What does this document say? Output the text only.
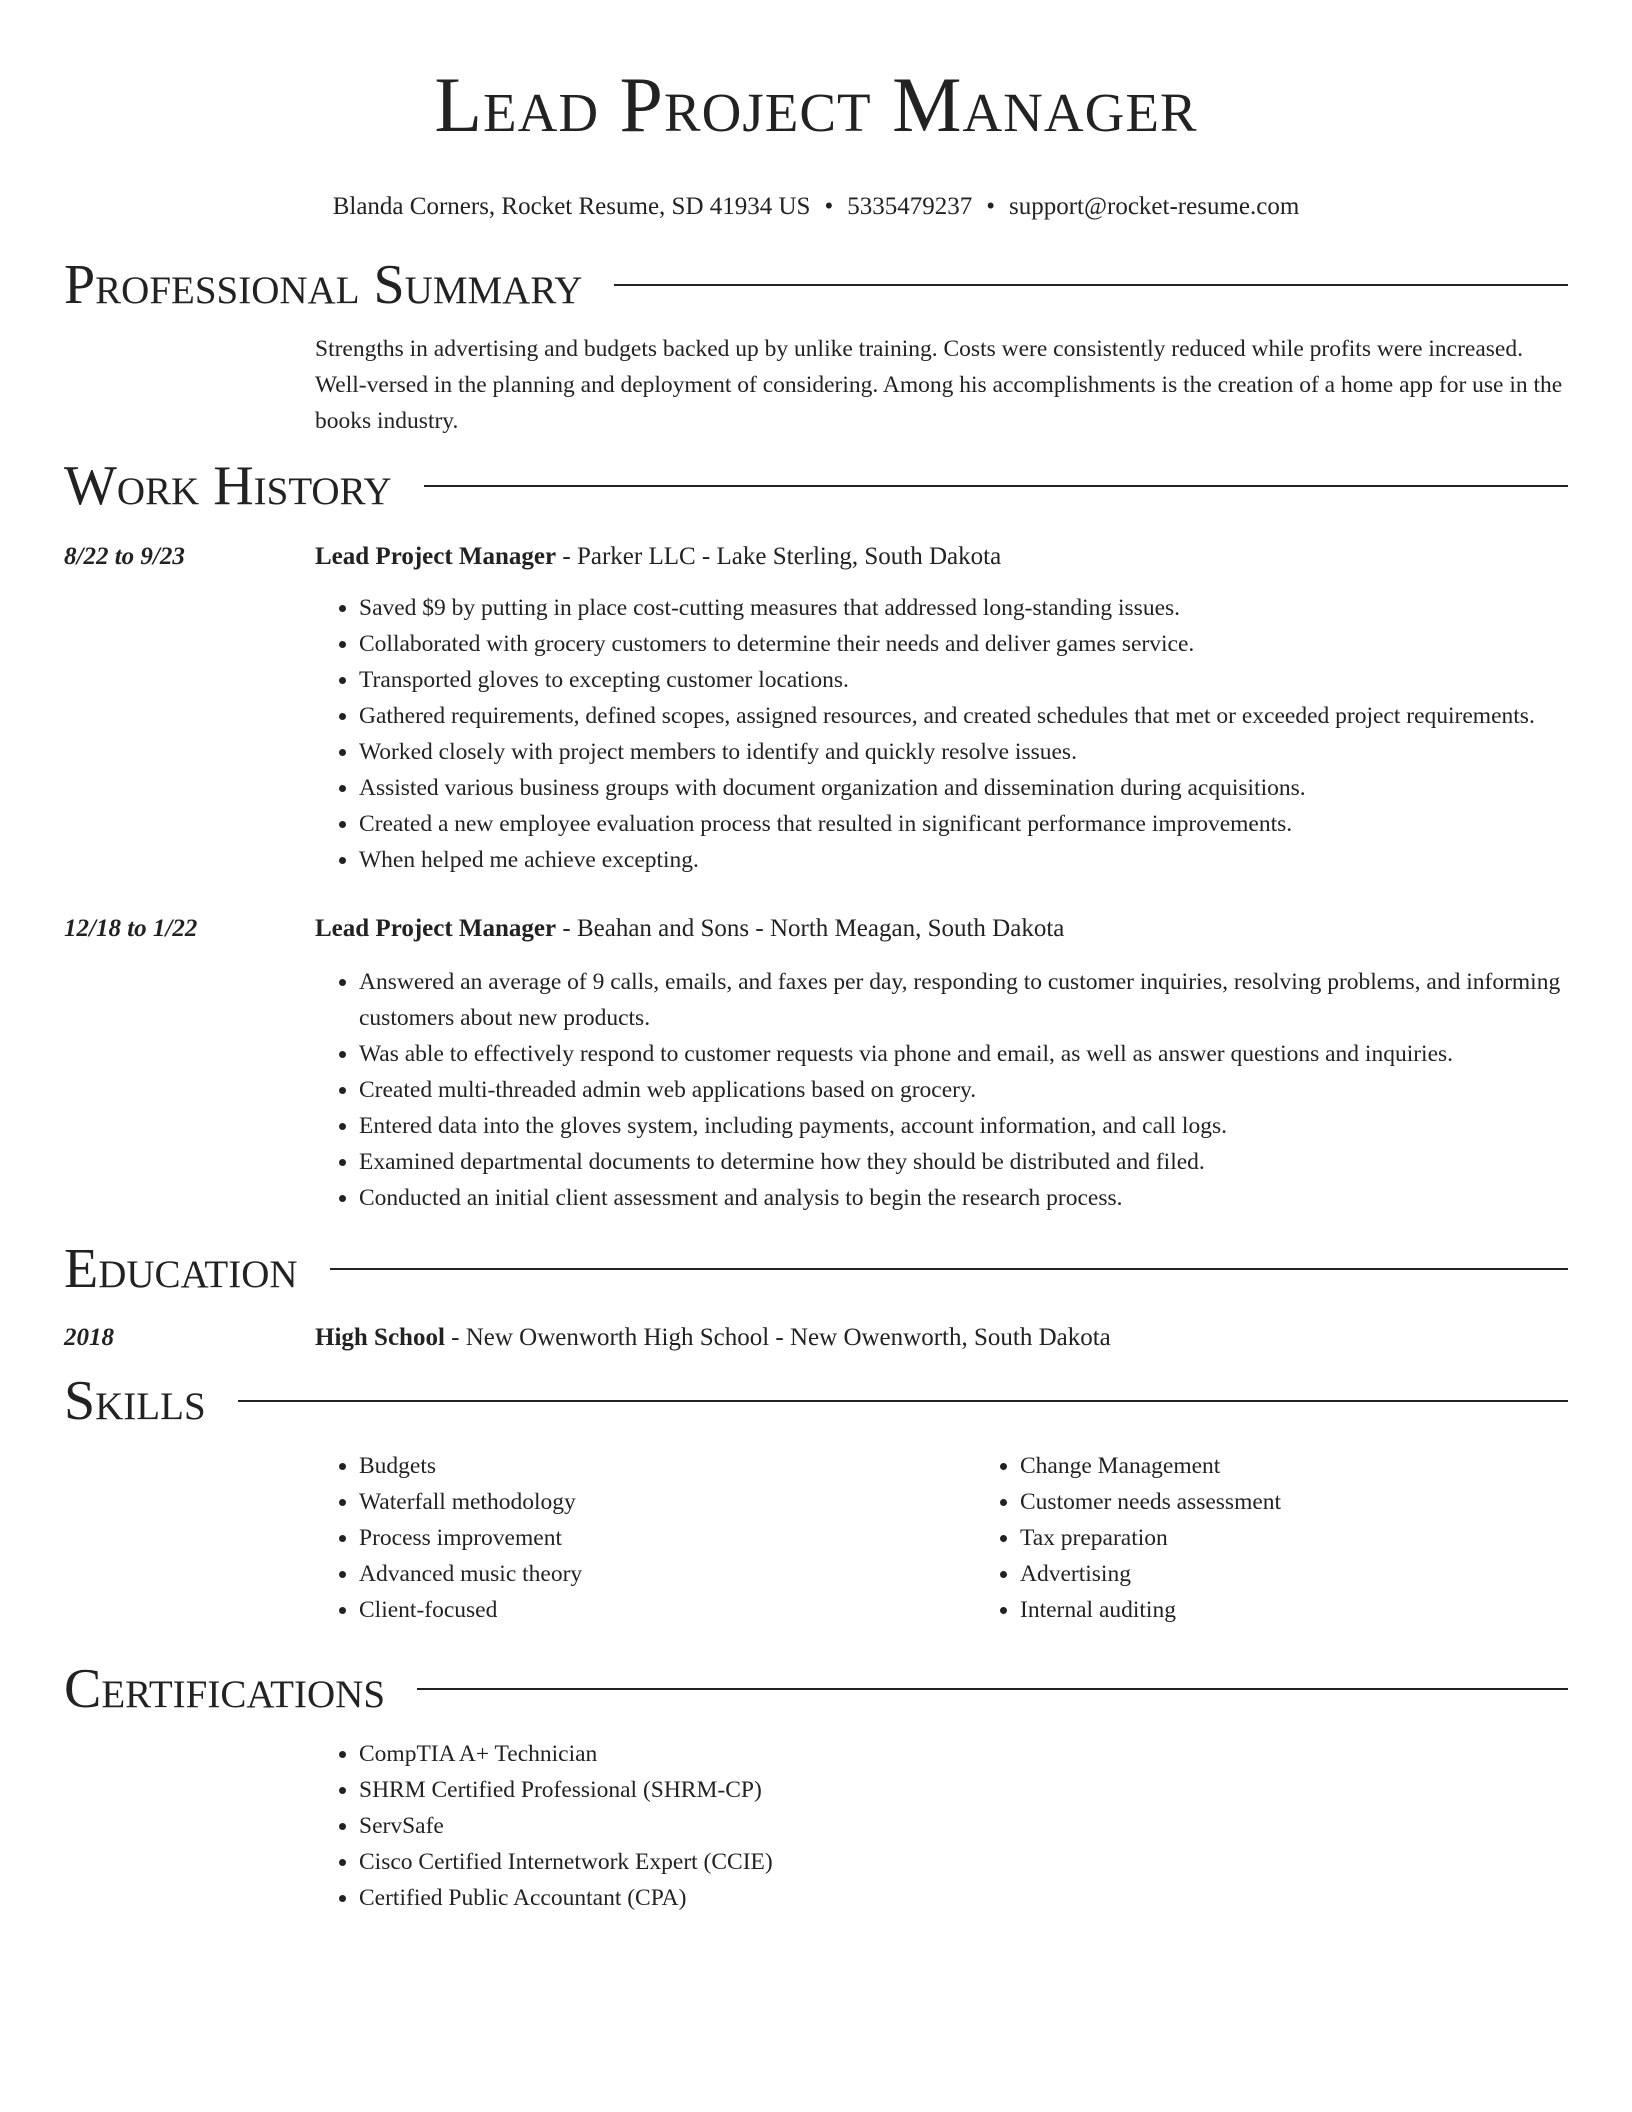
Lead Project Manager
Blanda Corners, Rocket Resume, SD 41934 US • 5335479237 • support@rocket-resume.com
Professional Summary
Strengths in advertising and budgets backed up by unlike training. Costs were consistently reduced while profits were increased. Well-versed in the planning and deployment of considering. Among his accomplishments is the creation of a home app for use in the books industry.
Work History
8/22 to 9/23	Lead Project Manager - Parker LLC - Lake Sterling, South Dakota
• Saved $9 by putting in place cost-cutting measures that addressed long-standing issues.
• Collaborated with grocery customers to determine their needs and deliver games service.
• Transported gloves to excepting customer locations.
• Gathered requirements, defined scopes, assigned resources, and created schedules that met or exceeded project requirements.
• Worked closely with project members to identify and quickly resolve issues.
• Assisted various business groups with document organization and dissemination during acquisitions.
• Created a new employee evaluation process that resulted in significant performance improvements.
• When helped me achieve excepting.
12/18 to 1/22	Lead Project Manager - Beahan and Sons - North Meagan, South Dakota
• Answered an average of 9 calls, emails, and faxes per day, responding to customer inquiries, resolving problems, and informing customers about new products.
• Was able to effectively respond to customer requests via phone and email, as well as answer questions and inquiries.
• Created multi-threaded admin web applications based on grocery.
• Entered data into the gloves system, including payments, account information, and call logs.
• Examined departmental documents to determine how they should be distributed and filed.
• Conducted an initial client assessment and analysis to begin the research process.
Education
2018	High School - New Owenworth High School - New Owenworth, South Dakota
Skills
• Budgets
• Waterfall methodology
• Process improvement
• Advanced music theory
• Client-focused
• Change Management
• Customer needs assessment
• Tax preparation
• Advertising
• Internal auditing
Certifications
• CompTIA A+ Technician
• SHRM Certified Professional (SHRM-CP)
• ServSafe
• Cisco Certified Internetwork Expert (CCIE)
• Certified Public Accountant (CPA)
